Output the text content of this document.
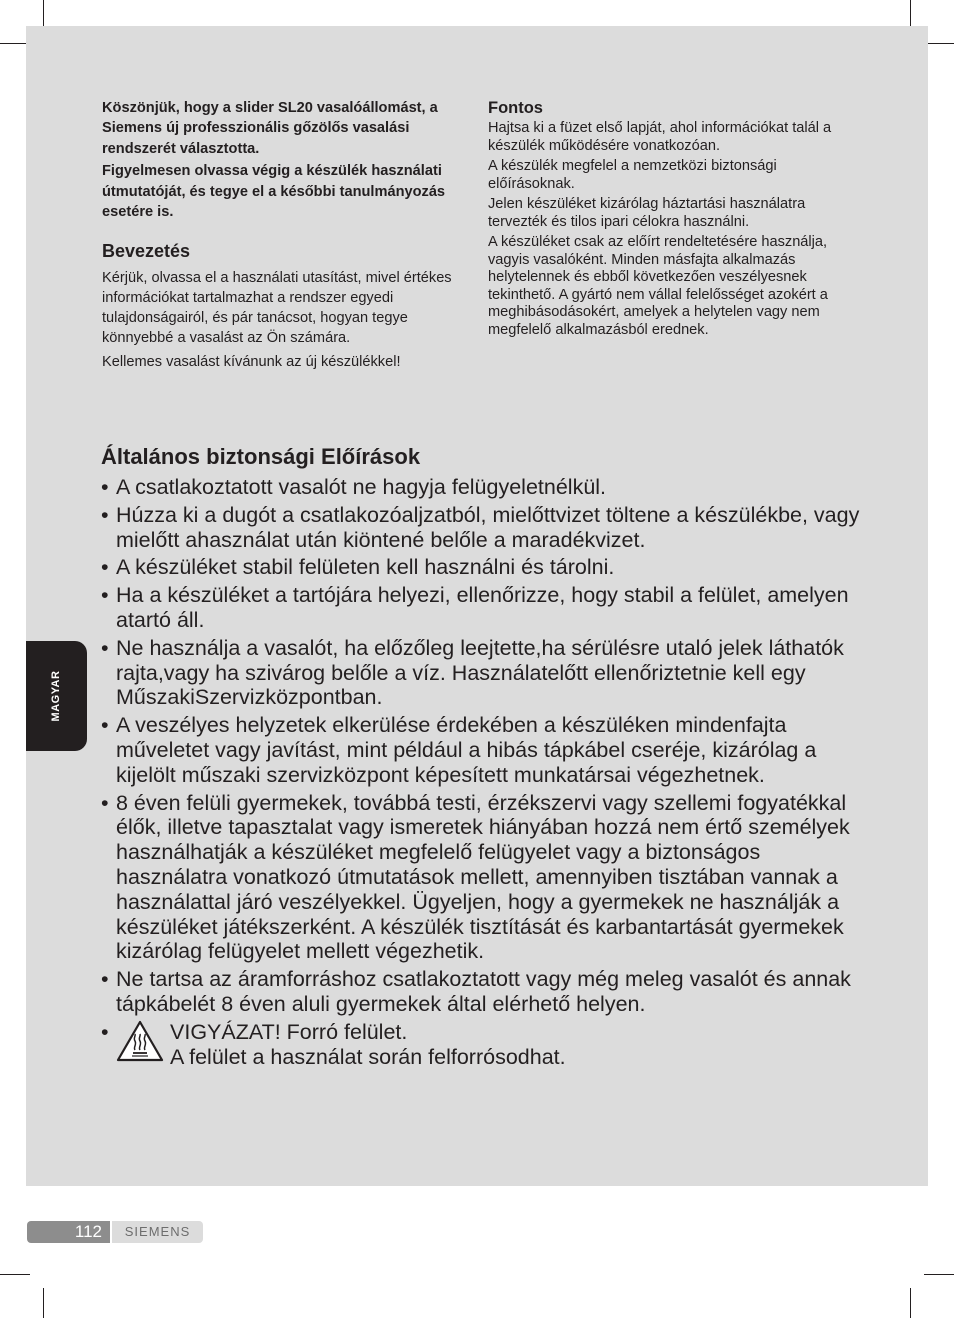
Köszönjük, hogy a slider SL20 vasalóállomást, a Siemens új professzionális gőzölős vasalási rendszerét választotta.

Figyelmesen olvassa végig a készülék használati útmutatóját, és tegye el a későbbi tanulmányozás esetére is.

Bevezetés

Kérjük, olvassa el a használati utasítást, mivel értékes információkat tartalmazhat a rendszer egyedi tulajdonságairól, és pár tanácsot, hogyan tegye könnyebbé a vasalást az Ön számára.

Kellemes vasalást kívánunk az új készülékkel!

Fontos

Hajtsa ki a füzet első lapját, ahol információkat talál a készülék működésére vonatkozóan.

A készülék megfelel a nemzetközi biztonsági előírásoknak.

Jelen készüléket kizárólag háztartási használatra tervezték és tilos ipari célokra használni.

A készüléket csak az előírt rendeltetésére használja, vagyis vasalóként. Minden másfajta alkalmazás helytelennek és ebből következően veszélyesnek tekinthető. A gyártó nem vállal felelősséget azokért a meghibásodásokért, amelyek a helytelen vagy nem megfelelő alkalmazásból erednek.

Általános biztonsági Előírások
• A csatlakoztatott vasalót ne hagyja felügyeletnélkül.
• Húzza ki a dugót a csatlakozóaljzatból, mielőttvizet töltene a készülékbe, vagy mielőtt ahasználat után kiöntené belőle a maradékvizet.
• A készüléket stabil felületen kell használni és tárolni.
• Ha a készüléket a tartójára helyezi, ellenőrizze, hogy stabil a felület, amelyen atartó áll.
• Ne használja a vasalót, ha előzőleg leejtette,ha sérülésre utaló jelek láthatók rajta,vagy ha szivárog belőle a víz. Használatelőtt ellenőriztetnie kell egy MűszakiSzervizközpontban.
• A veszélyes helyzetek elkerülése érdekében a készüléken mindenfajta műveletet vagy javítást, mint például a hibás tápkábel cseréje, kizárólag a kijelölt műszaki szervizközpont képesített munkatársai végezhetnek.
• 8 éven felüli gyermekek, továbbá testi, érzékszervi vagy szellemi fogyatékkal élők, illetve tapasztalat vagy ismeretek hiányában hozzá nem értő személyek használhatják a készüléket megfelelő felügyelet vagy a biztonságos használatra vonatkozó útmutatások mellett, amennyiben tisztában vannak a használattal járó veszélyekkel. Ügyeljen, hogy a gyermekek ne használják a készüléket játékszerként. A készülék tisztítását és karbantartását gyermekek kizárólag felügyelet mellett végezhetik.
• Ne tartsa az áramforráshoz csatlakoztatott vagy még meleg vasalót és annak tápkábelét 8 éven aluli gyermekek által elérhető helyen.
•	VIGYÁZAT! Forró felület.
A felület a használat során felforrósodhat.
MAGYAR
112	SIEMENS
